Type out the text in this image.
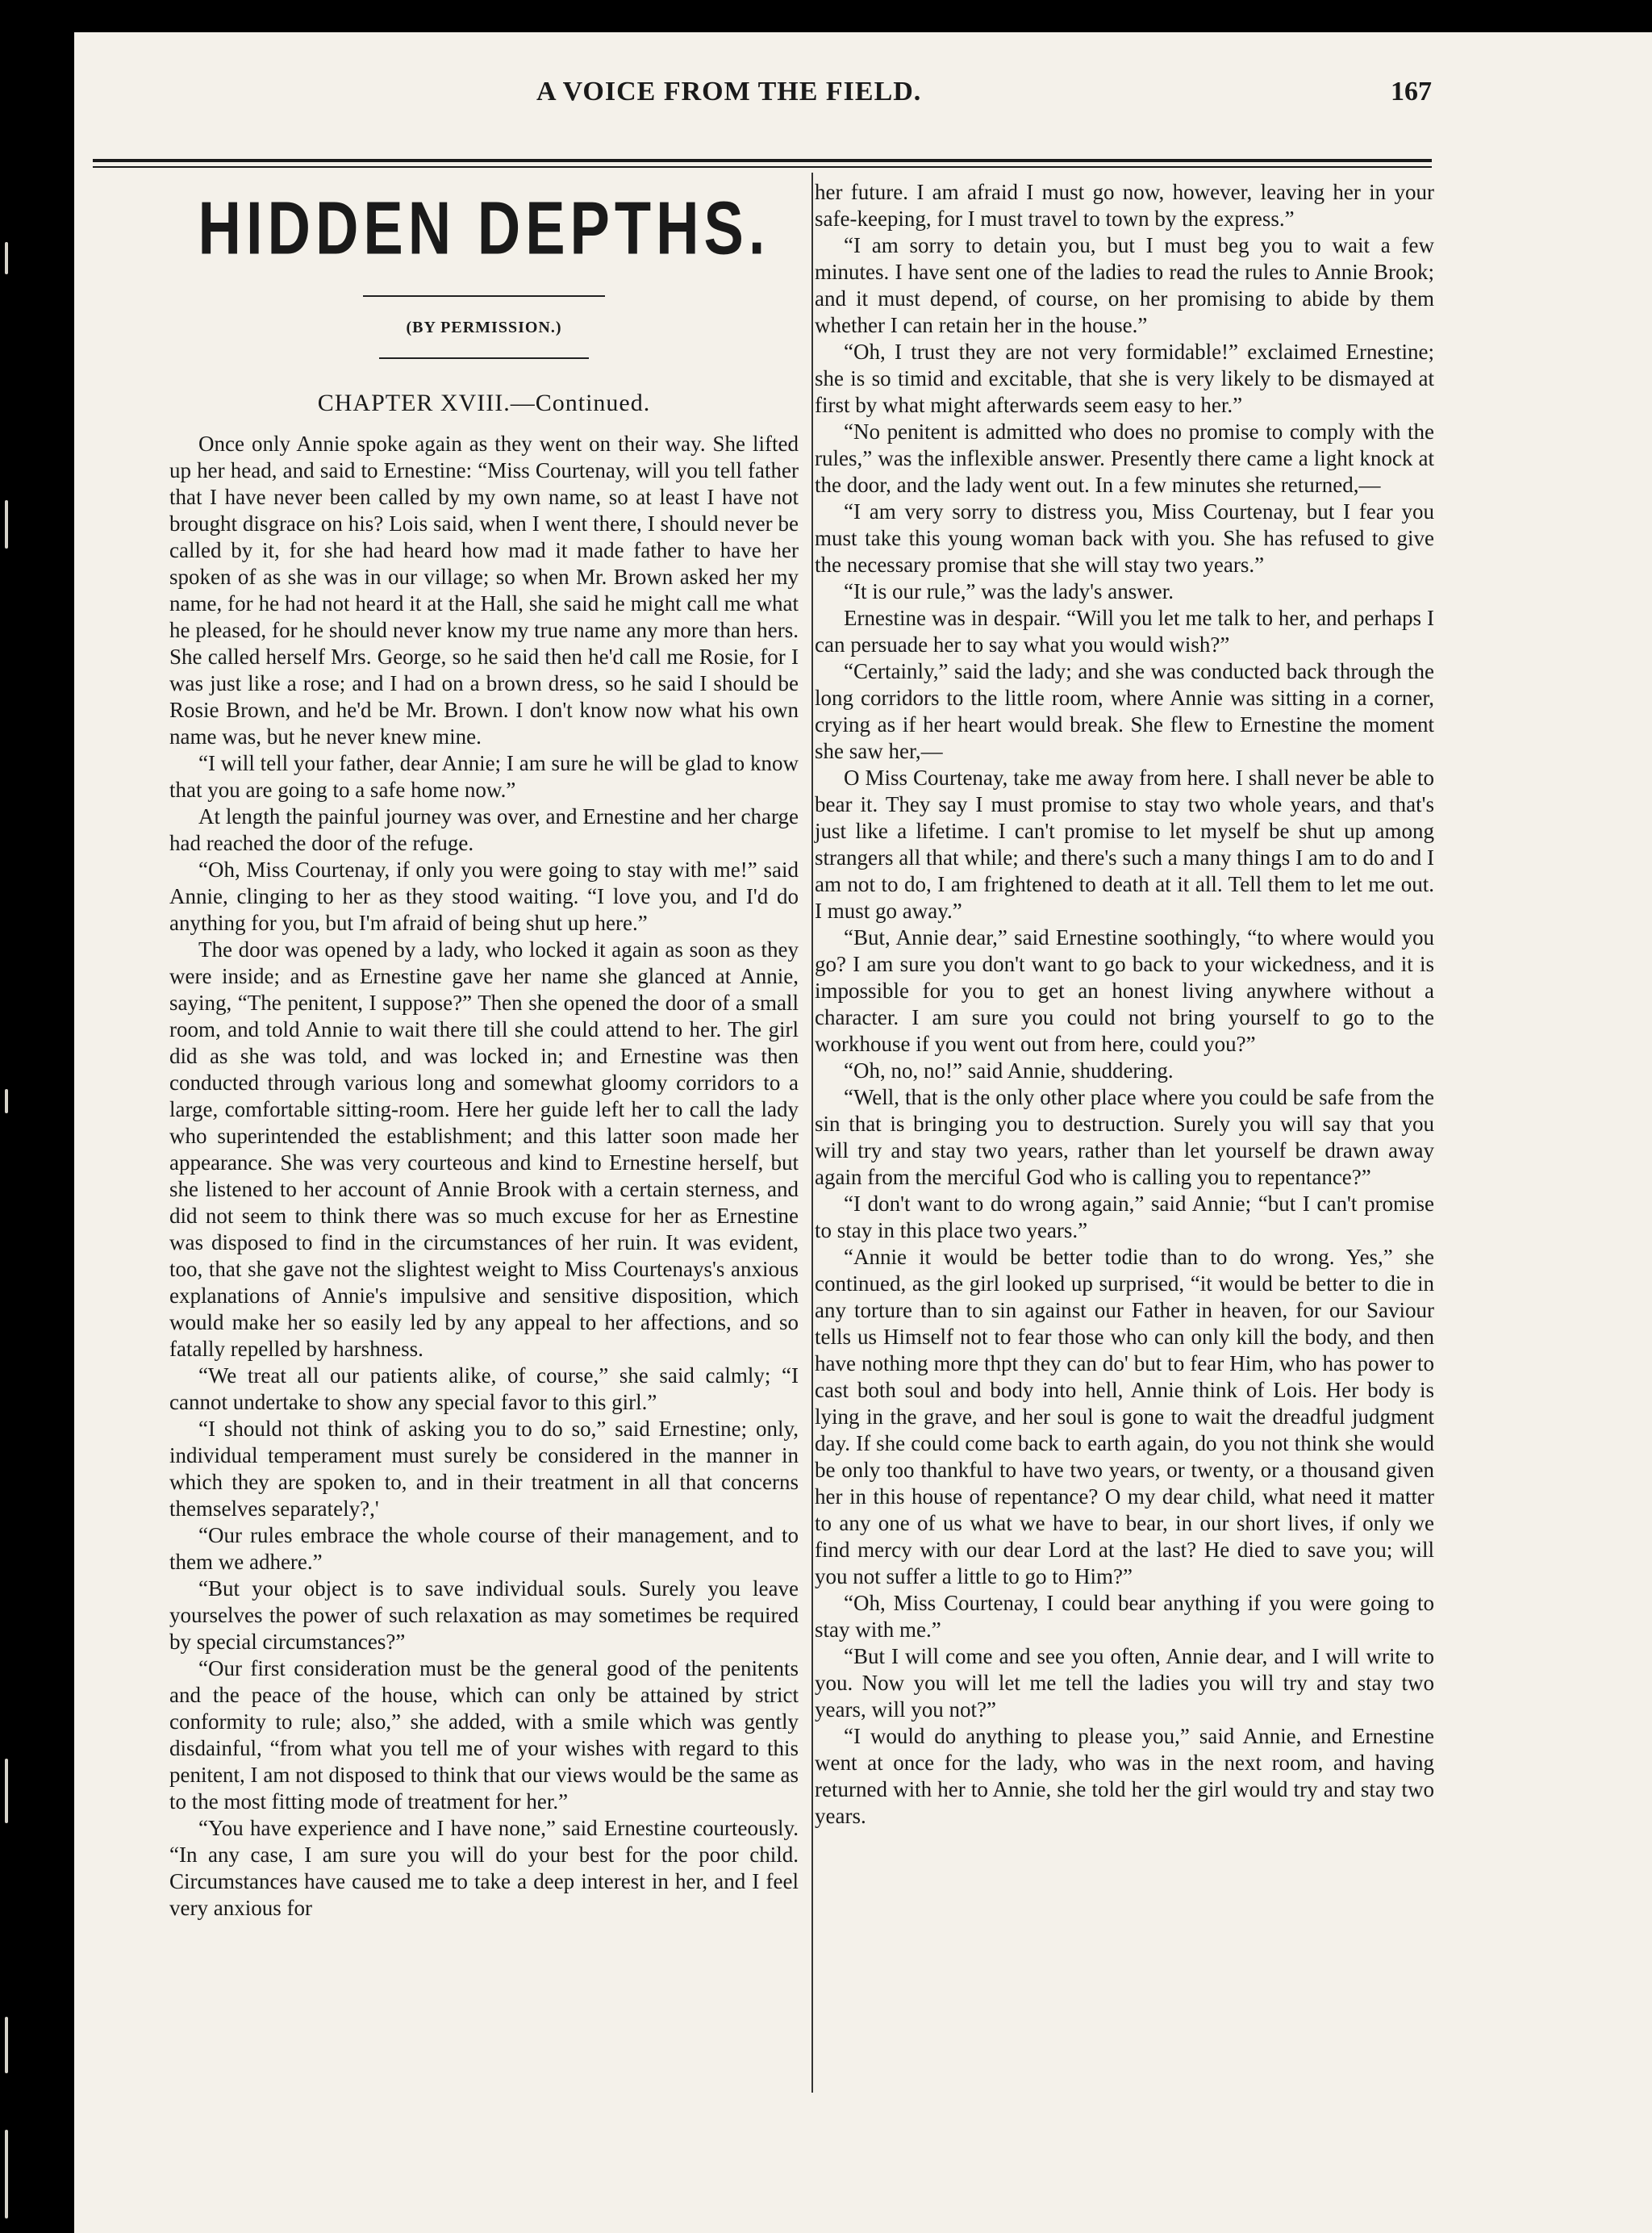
A VOICE FROM THE FIELD.	167
HIDDEN DEPTHS.
(BY PERMISSION.)
CHAPTER XVIII.—Continued.

Once only Annie spoke again as they went on their way. She lifted up her head, and said to Ernestine: “Miss Courtenay, will you tell father that I have never been called by my own name, so at least I have not brought disgrace on his? Lois said, when I went there, I should never be called by it, for she had heard how mad it made father to have her spoken of as she was in our village; so when Mr. Brown asked her my name, for he had not heard it at the Hall, she said he might call me what he pleased, for he should never know my true name any more than hers. She called herself Mrs. George, so he said then he'd call me Rosie, for I was just like a rose; and I had on a brown dress, so he said I should be Rosie Brown, and he'd be Mr. Brown. I don't know now what his own name was, but he never knew mine.

“I will tell your father, dear Annie; I am sure he will be glad to know that you are going to a safe home now.”

At length the painful journey was over, and Ernestine and her charge had reached the door of the refuge.

“Oh, Miss Courtenay, if only you were going to stay with me!” said Annie, clinging to her as they stood waiting. “I love you, and I'd do anything for you, but I'm afraid of being shut up here.”

The door was opened by a lady, who locked it again as soon as they were inside; and as Ernestine gave her name she glanced at Annie, saying, “The penitent, I suppose?” Then she opened the door of a small room, and told Annie to wait there till she could attend to her. The girl did as she was told, and was locked in; and Ernestine was then conducted through various long and somewhat gloomy corridors to a large, comfortable sitting-room. Here her guide left her to call the lady who superintended the establishment; and this latter soon made her appearance. She was very courteous and kind to Ernestine herself, but she listened to her account of Annie Brook with a certain sterness, and did not seem to think there was so much excuse for her as Ernestine was disposed to find in the circumstances of her ruin. It was evident, too, that she gave not the slightest weight to Miss Courtenays's anxious explanations of Annie's impulsive and sensitive disposition, which would make her so easily led by any appeal to her affections, and so fatally repelled by harshness.

“We treat all our patients alike, of course,” she said calmly; “I cannot undertake to show any special favor to this girl.”

“I should not think of asking you to do so,” said Ernestine; only, individual temperament must surely be considered in the manner in which they are spoken to, and in their treatment in all that concerns themselves separately?,'

“Our rules embrace the whole course of their management, and to them we adhere.”

“But your object is to save individual souls. Surely you leave yourselves the power of such relaxation as may sometimes be required by special circumstances?”

“Our first consideration must be the general good of the penitents and the peace of the house, which can only be attained by strict conformity to rule; also,” she added, with a smile which was gently disdainful, “from what you tell me of your wishes with regard to this penitent, I am not disposed to think that our views would be the same as to the most fitting mode of treatment for her.”

“You have experience and I have none,” said Ernestine courteously. “In any case, I am sure you will do your best for the poor child. Circumstances have caused me to take a deep interest in her, and I feel very anxious for

her future. I am afraid I must go now, however, leaving her in your safe-keeping, for I must travel to town by the express.”

“I am sorry to detain you, but I must beg you to wait a few minutes. I have sent one of the ladies to read the rules to Annie Brook; and it must depend, of course, on her promising to abide by them whether I can retain her in the house.”

“Oh, I trust they are not very formidable!” exclaimed Ernestine; she is so timid and excitable, that she is very likely to be dismayed at first by what might afterwards seem easy to her.”

“No penitent is admitted who does no promise to comply with the rules,” was the inflexible answer. Presently there came a light knock at the door, and the lady went out. In a few minutes she returned,—

“I am very sorry to distress you, Miss Courtenay, but I fear you must take this young woman back with you. She has refused to give the necessary promise that she will stay two years.”

“It is our rule,” was the lady's answer.

Ernestine was in despair. “Will you let me talk to her, and perhaps I can persuade her to say what you would wish?”

“Certainly,” said the lady; and she was conducted back through the long corridors to the little room, where Annie was sitting in a corner, crying as if her heart would break. She flew to Ernestine the moment she saw her,—

O Miss Courtenay, take me away from here. I shall never be able to bear it. They say I must promise to stay two whole years, and that's just like a lifetime. I can't promise to let myself be shut up among strangers all that while; and there's such a many things I am to do and I am not to do, I am frightened to death at it all. Tell them to let me out. I must go away.”

“But, Annie dear,” said Ernestine soothingly, “to where would you go? I am sure you don't want to go back to your wickedness, and it is impossible for you to get an honest living anywhere without a character. I am sure you could not bring yourself to go to the workhouse if you went out from here, could you?”

“Oh, no, no!” said Annie, shuddering.

“Well, that is the only other place where you could be safe from the sin that is bringing you to destruction. Surely you will say that you will try and stay two years, rather than let yourself be drawn away again from the merciful God who is calling you to repentance?”

“I don't want to do wrong again,” said Annie; “but I can't promise to stay in this place two years.”

“Annie it would be better todie than to do wrong. Yes,” she continued, as the girl looked up surprised, “it would be better to die in any torture than to sin against our Father in heaven, for our Saviour tells us Himself not to fear those who can only kill the body, and then have nothing more thpt they can do' but to fear Him, who has power to cast both soul and body into hell, Annie think of Lois. Her body is lying in the grave, and her soul is gone to wait the dreadful judgment day. If she could come back to earth again, do you not think she would be only too thankful to have two years, or twenty, or a thousand given her in this house of repentance? O my dear child, what need it matter to any one of us what we have to bear, in our short lives, if only we find mercy with our dear Lord at the last? He died to save you; will you not suffer a little to go to Him?”

“Oh, Miss Courtenay, I could bear anything if you were going to stay with me.”

“But I will come and see you often, Annie dear, and I will write to you. Now you will let me tell the ladies you will try and stay two years, will you not?”

“I would do anything to please you,” said Annie, and Ernestine went at once for the lady, who was in the next room, and having returned with her to Annie, she told her the girl would try and stay two years.
